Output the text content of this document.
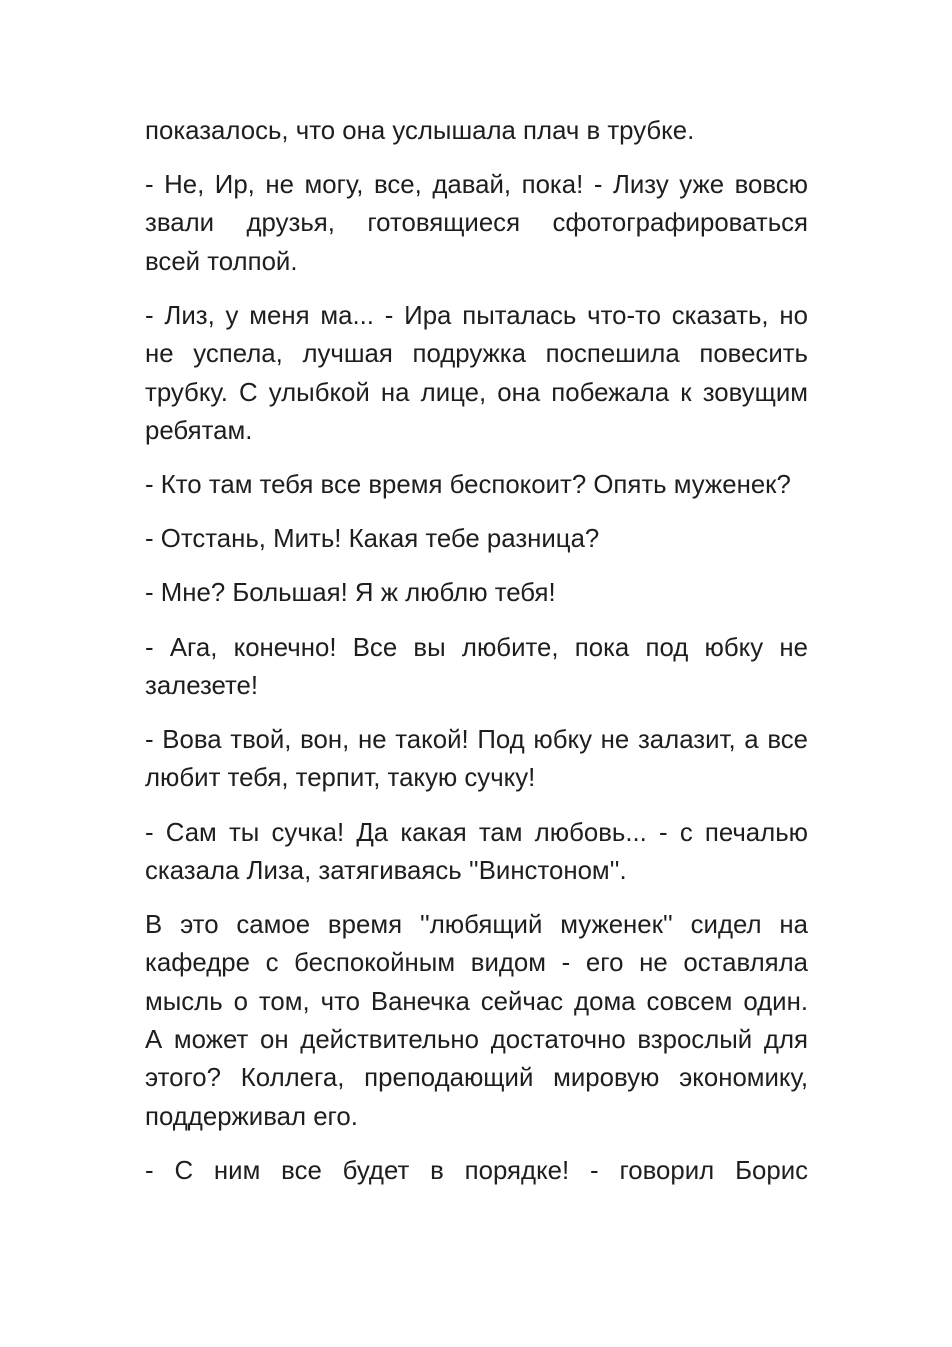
показалось, что она услышала плач в трубке.
- Не, Ир, не могу, все, давай, пока! - Лизу уже вовсю
звали друзья, готовящиеся сфотографироваться
всей толпой.
- Лиз, у меня ма... - Ира пыталась что-то сказать, но
не успела, лучшая подружка поспешила повесить
трубку. С улыбкой на лице, она побежала к зовущим
ребятам.
- Кто там тебя все время беспокоит? Опять муженек?
- Отстань, Мить! Какая тебе разница?
- Мне? Большая! Я ж люблю тебя!
- Ага, конечно! Все вы любите, пока под юбку не
залезете!
- Вова твой, вон, не такой! Под юбку не залазит, а все
любит тебя, терпит, такую сучку!
- Сам ты сучка! Да какая там любовь... - с печалью
сказала Лиза, затягиваясь ''Винстоном''.
В это самое время ''любящий муженек'' сидел на
кафедре с беспокойным видом - его не оставляла
мысль о том, что Ванечка сейчас дома совсем один.
А может он действительно достаточно взрослый для
этого? Коллега, преподающий мировую экономику,
поддерживал его.
- С ним все будет в порядке! - говорил Борис
